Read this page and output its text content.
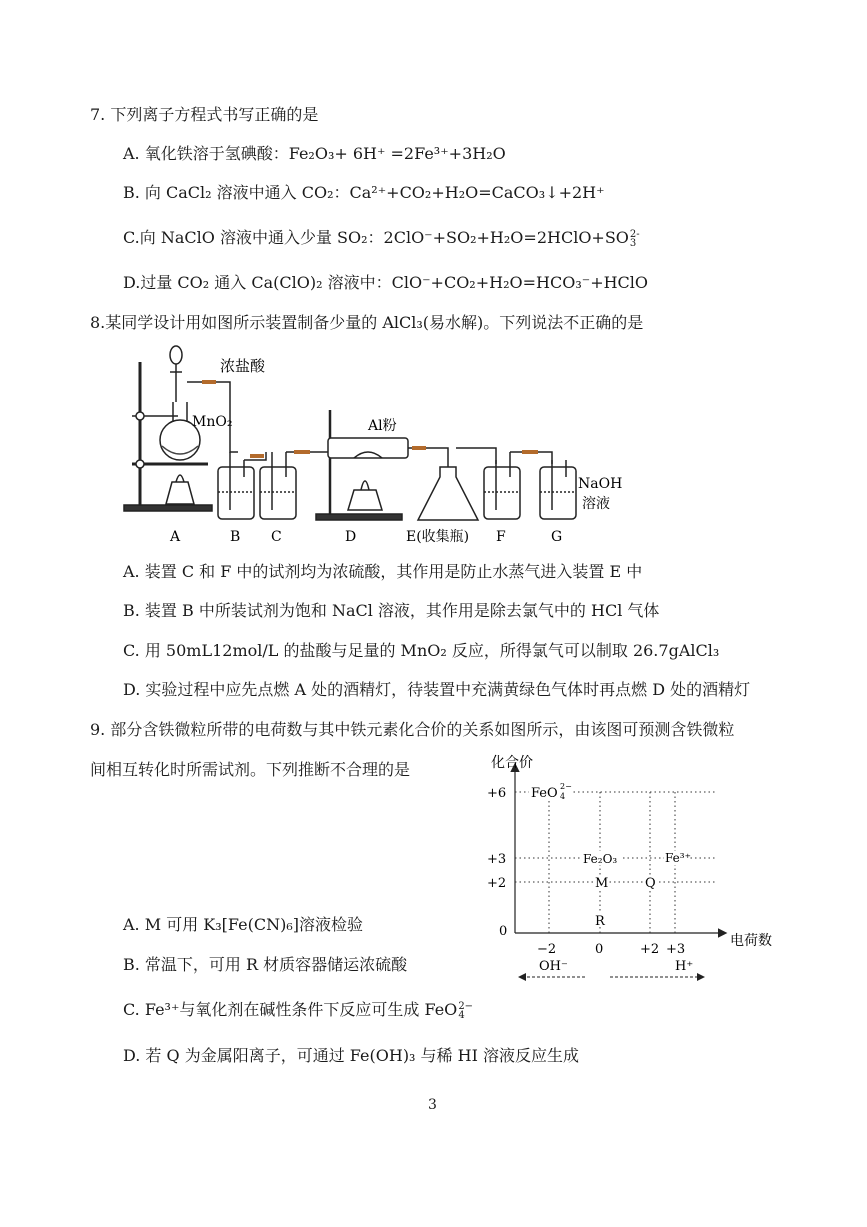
7. 下列离子方程式书写正确的是
A. 氧化铁溶于氢碘酸：Fe₂O₃+ 6H⁺ =2Fe³⁺+3H₂O
B. 向 CaCl₂ 溶液中通入 CO₂：Ca²⁺+CO₂+H₂O=CaCO₃↓+2H⁺
C.向 NaClO 溶液中通入少量 SO₂：2ClO⁻+SO₂+H₂O=2HClO+SO2-
3
D.过量 CO₂ 通入 Ca(ClO)₂ 溶液中：ClO⁻+CO₂+H₂O=HCO₃⁻+HClO
8.某同学设计用如图所示装置制备少量的 AlCl₃(易水解)。下列说法不正确的是
浓盐酸
MnO₂	Al粉
NaOH
溶液
A	B C	D	E(收集瓶) F	G
A. 装置 C 和 F 中的试剂均为浓硫酸，其作用是防止水蒸气进入装置 E 中
B. 装置 B 中所装试剂为饱和 NaCl 溶液，其作用是除去氯气中的 HCl 气体
C. 用 50mL12mol/L 的盐酸与足量的 MnO₂ 反应，所得氯气可以制取 26.7gAlCl₃
D. 实验过程中应先点燃 A 处的酒精灯，待装置中充满黄绿色气体时再点燃 D 处的酒精灯
9. 部分含铁微粒所带的电荷数与其中铁元素化合价的关系如图所示，由该图可预测含铁微粒
间相互转化时所需试剂。下列推断不合理的是	化合价
电荷数
+6
+3
+2
0
−2	0	+2 +3
OH⁻	H⁺
FeO 2−
4
Fe₂O₃	Fe³⁺
M	Q
R
A. M 可用 K₃[Fe(CN)₆]溶液检验
B. 常温下，可用 R 材质容器储运浓硫酸
C. Fe³⁺与氧化剂在碱性条件下反应可生成 FeO2−
4
D. 若 Q 为金属阳离子，可通过 Fe(OH)₃ 与稀 HI 溶液反应生成
3
